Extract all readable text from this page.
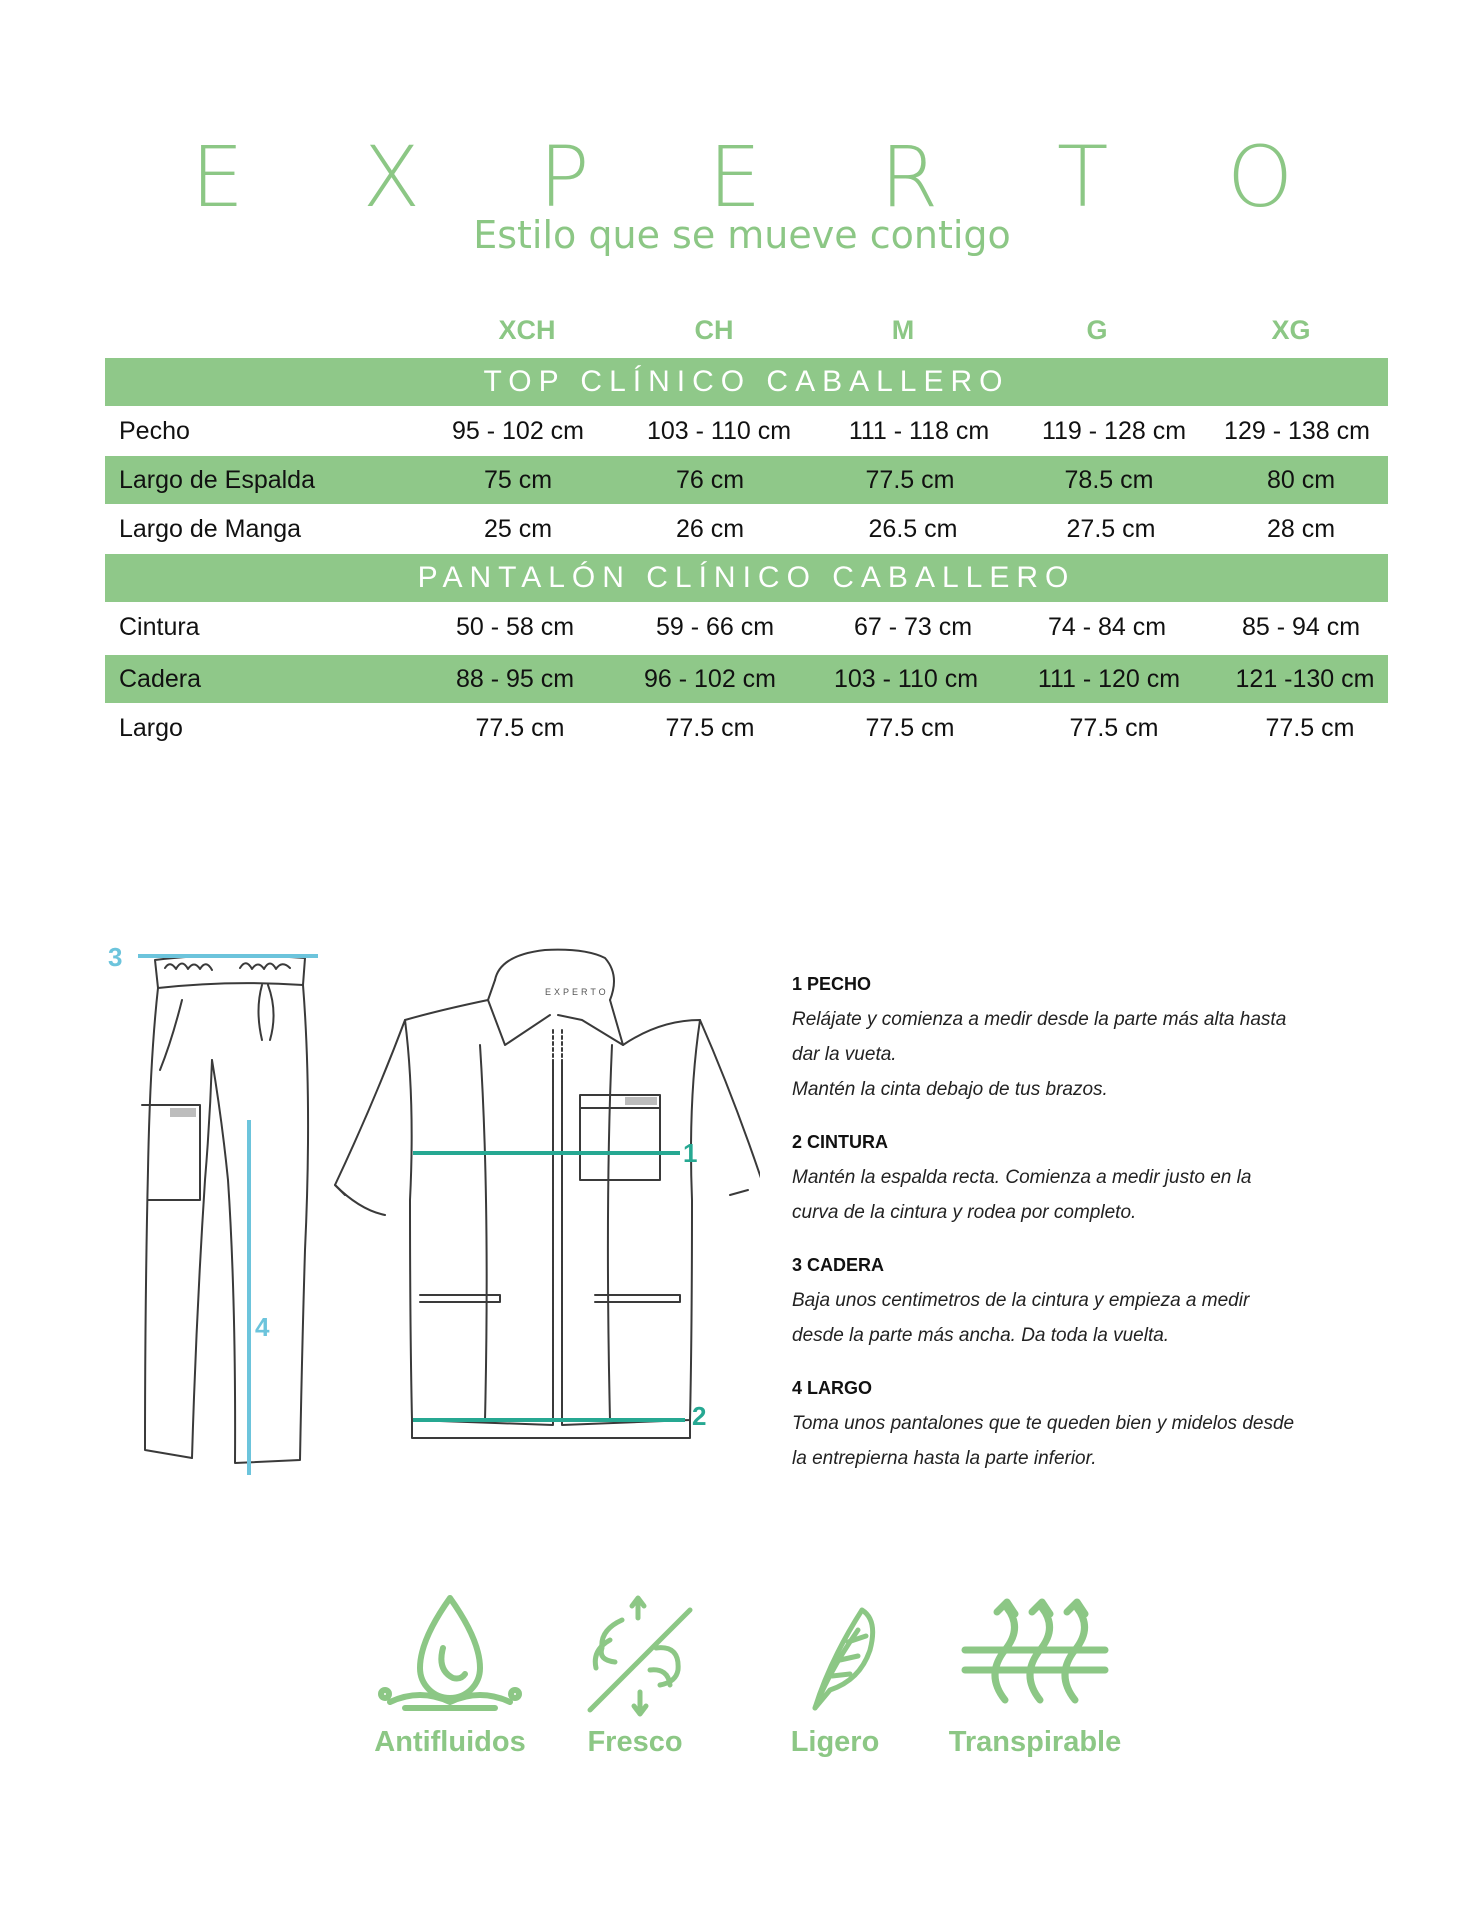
E X P E R T O
Estilo que se mueve contigo
XCH	CH	M	G	XG
TOP CLÍNICO CABALLERO
Pecho	95 - 102 cm	103 - 110 cm 111 - 118 cm 119 - 128 cm 129 - 138 cm
Largo de Espalda	75 cm	76 cm	77.5 cm	78.5 cm	80 cm
Largo de Manga	25 cm	26 cm	26.5 cm	27.5 cm	28 cm
PANTALÓN CLÍNICO CABALLERO
Cintura	50 - 58 cm	59 - 66 cm	67 - 73 cm	74 - 84 cm	85 - 94 cm
Cadera	88 - 95 cm	96 - 102 cm 103 - 110 cm 111 - 120 cm 121 -130 cm
Largo	77.5 cm	77.5 cm	77.5 cm	77.5 cm	77.5 cm
EXPERTO
3
4
1
2
1 PECHO

Relájate y comienza a medir desde la parte más alta hasta

dar la vueta.

Mantén la cinta debajo de tus brazos.

2 CINTURA

Mantén la espalda recta. Comienza a medir justo en la

curva de la cintura y rodea por completo.

3 CADERA

Baja unos centimetros de la cintura y empieza a medir

desde la parte más ancha. Da toda la vuelta.

4 LARGO

Toma unos pantalones que te queden bien y midelos desde

la entrepierna hasta la parte inferior.

Antifluidos	Fresco	Ligero	Transpirable
